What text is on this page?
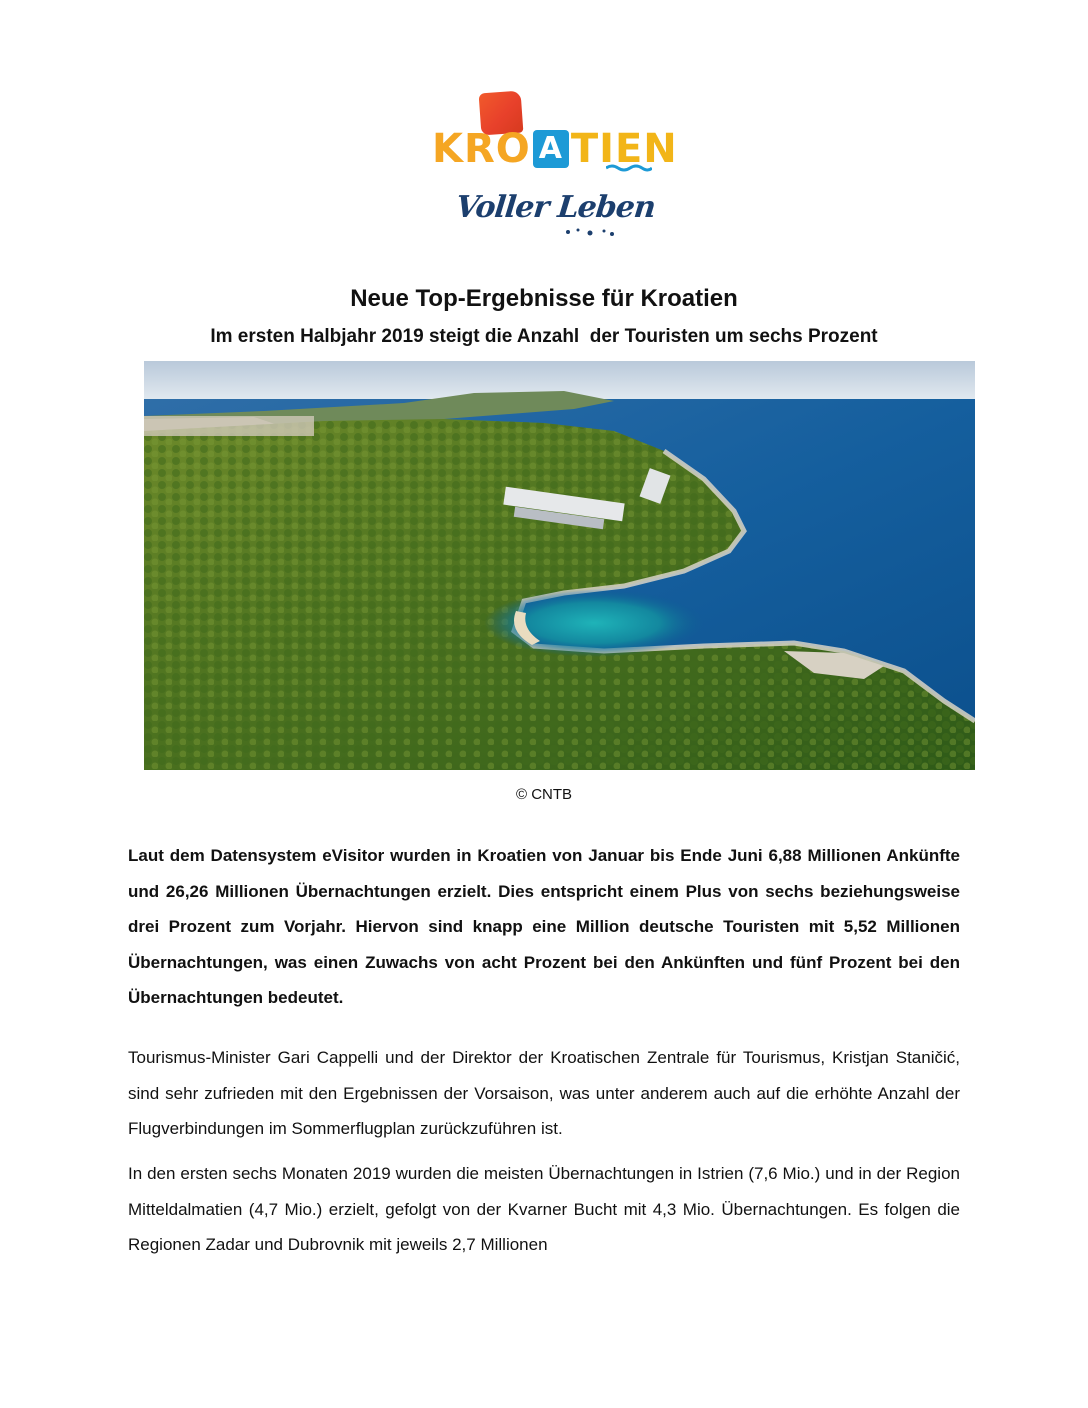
KRO A TIEN
Voller Leben
Neue Top-Ergebnisse für Kroatien
Im ersten Halbjahr 2019 steigt die Anzahl  der Touristen um sechs Prozent
© CNTB

Laut dem Datensystem eVisitor wurden in Kroatien von Januar bis Ende Juni 6,88 Millionen Ankünfte und 26,26 Millionen Übernachtungen erzielt. Dies entspricht einem Plus von sechs beziehungsweise drei Prozent zum Vorjahr. Hiervon sind knapp eine Million deutsche Touristen mit 5,52 Millionen Übernachtungen, was einen Zuwachs von acht Prozent bei den Ankünften und fünf Prozent bei den Übernachtungen bedeutet.

Tourismus-Minister Gari Cappelli und der Direktor der Kroatischen Zentrale für Tourismus, Kristjan Staničić, sind sehr zufrieden mit den Ergebnissen der Vorsaison, was unter anderem auch auf die erhöhte Anzahl der Flugverbindungen im Sommerflugplan zurückzuführen ist.

In den ersten sechs Monaten 2019 wurden die meisten Übernachtungen in Istrien (7,6 Mio.) und in der Region Mitteldalmatien (4,7 Mio.) erzielt, gefolgt von der Kvarner Bucht mit 4,3 Mio. Übernachtungen. Es folgen die Regionen Zadar und Dubrovnik mit jeweils 2,7 Millionen
